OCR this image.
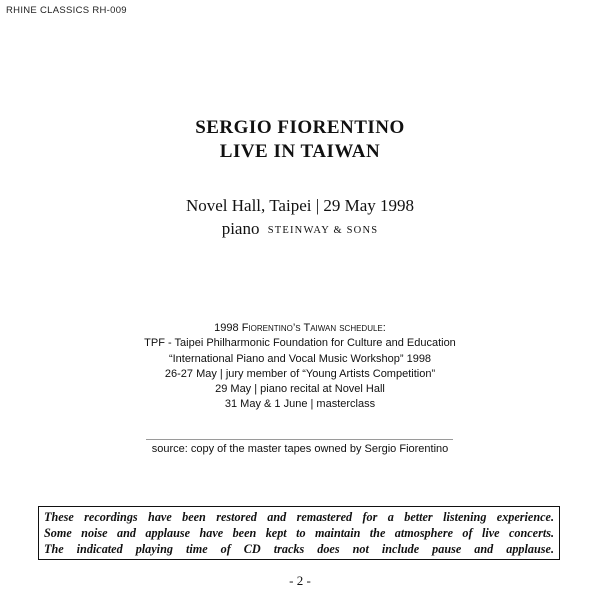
RHINE CLASSICS RH-009
SERGIO FIORENTINO
LIVE IN TAIWAN
Novel Hall, Taipei | 29 May 1998
piano STEINWAY & SONS
1998 Fiorentino’s Taiwan schedule:
TPF - Taipei Philharmonic Foundation for Culture and Education
“International Piano and Vocal Music Workshop” 1998
26-27 May | jury member of “Young Artists Competition”
29 May | piano recital at Novel Hall
31 May & 1 June | masterclass
source: copy of the master tapes owned by Sergio Fiorentino
These recordings have been restored and remastered for a better listening experience.
Some noise and applause have been kept to maintain the atmosphere of live concerts.
The indicated playing time of CD tracks does not include pause and applause.
- 2 -
